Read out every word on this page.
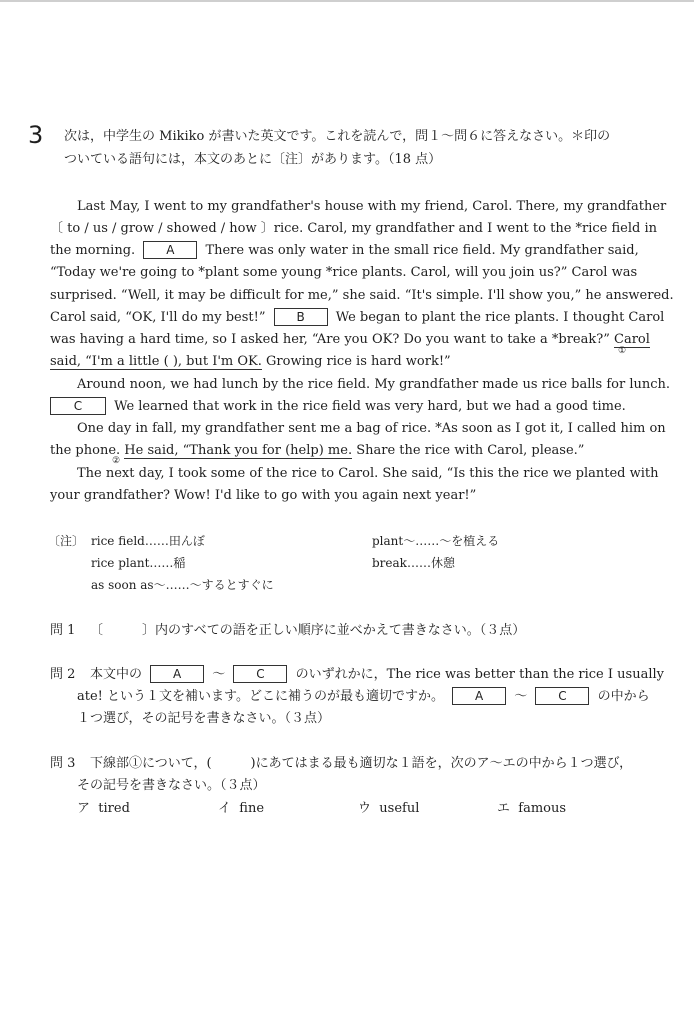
3 次は，中学生の Mikiko が書いた英文です。これを読んで，問１〜問６に答えなさい。＊印の
ついている語句には，本文のあとに〔注〕があります。（18 点）
Last May, I went to my grandfather's house with my friend, Carol. There, my grandfather
〔 to / us / grow / showed / how 〕rice. Carol, my grandfather and I went to the *rice field in
the morning.	A There was only water in the small rice field. My grandfather said,
“Today we're going to *plant some young *rice plants. Carol, will you join us?” Carol was
surprised. “Well, it may be difficult for me,” she said. “It's simple. I'll show you,” he answered.
Carol said, “OK, I'll do my best!”	B We began to plant the rice plants. I thought Carol
was having a hard time, so I asked her, “Are you OK? Do you want to take a *break?” Carol
①
said, “I'm a little ( ), but I'm OK. Growing rice is hard work!”
Around noon, we had lunch by the rice field. My grandfather made us rice balls for lunch.
C We learned that work in the rice field was very hard, but we had a good time.
One day in fall, my grandfather sent me a bag of rice. *As soon as I got it, I called him on
the phone. He said, “Thank you for (help) me. Share the rice with Carol, please.”
②
The next day, I took some of the rice to Carol. She said, “Is this the rice we planted with
your grandfather? Wow! I'd like to go with you again next year!”
〔注〕 rice field……田んぼ	plant〜……〜を植える
rice plant……稲	break……休憩
as soon as〜……〜するとすぐに
問 1 〔　　　〕内のすべての語を正しい順序に並べかえて書きなさい。（３点）
問 2 本文中の	A 〜	C のいずれかに，The rice was better than the rice I usually
ate! という１文を補います。どこに補うのが最も適切ですか。	A 〜	C の中から
１つ選び，その記号を書きなさい。（３点）
問 3 下線部①について，(　　　)にあてはまる最も適切な１語を，次のア〜エの中から１つ選び，
その記号を書きなさい。（３点）
ア tired	イ fine	ウ useful	エ famous
